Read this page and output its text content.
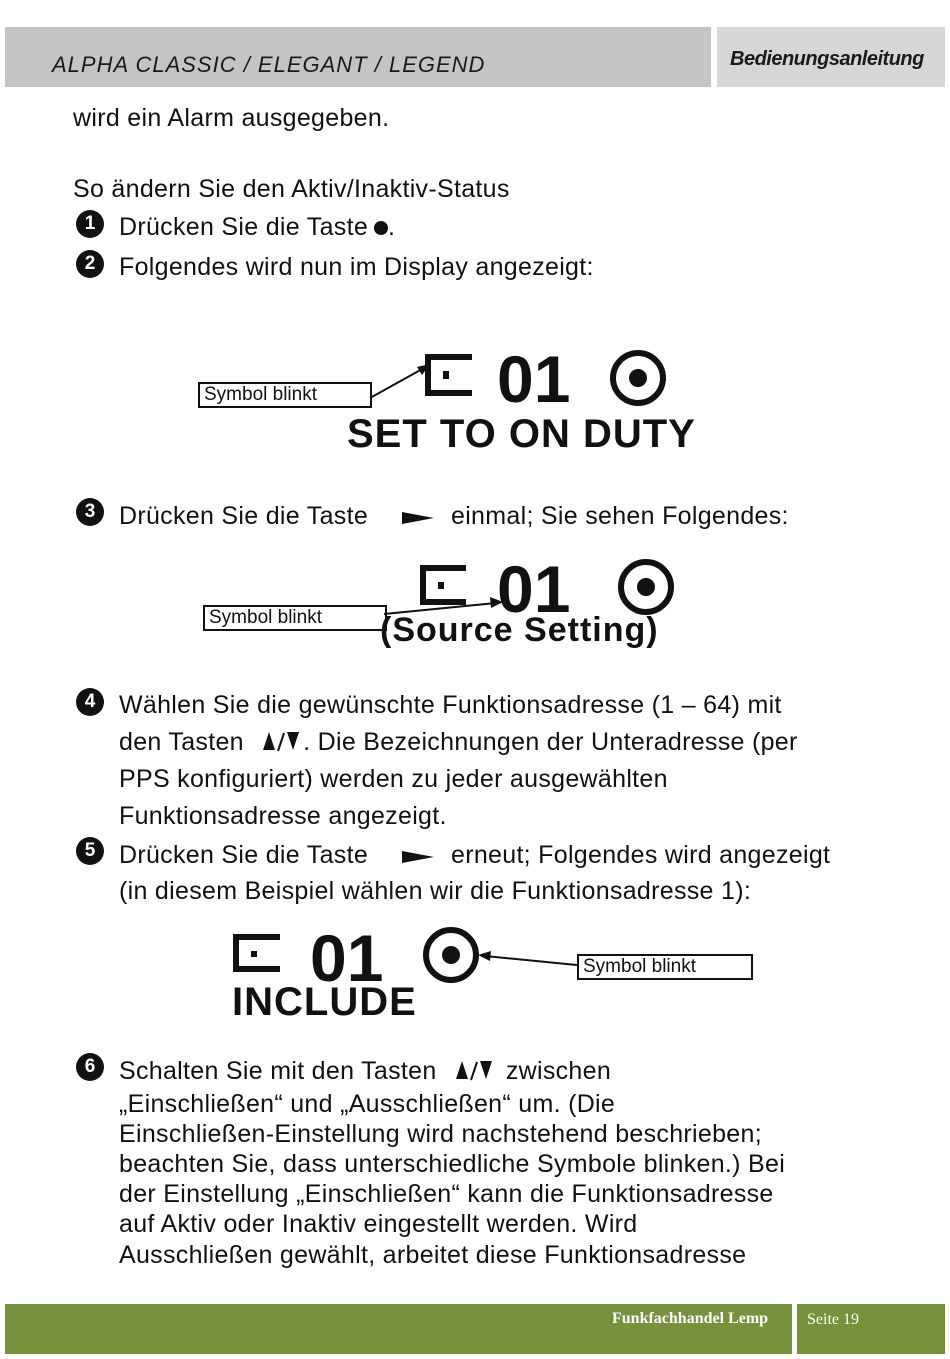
ALPHA CLASSIC / ELEGANT / LEGEND	Bedienungsanleitung
wird ein Alarm ausgegeben.
So ändern Sie den Aktiv/Inaktiv-Status
1 Drücken Sie die Taste .
2 Folgendes wird nun im Display angezeigt:
Symbol blinkt	01
SET TO ON DUTY
3 Drücken Sie die Taste	einmal; Sie sehen Folgendes:
Symbol blinkt	01
(Source Setting)
4 Wählen Sie die gewünschte Funktionsadresse (1 – 64) mit
den Tasten . Die Bezeichnungen der Unteradresse (per
PPS konfiguriert) werden zu jeder ausgewählten
Funktionsadresse angezeigt.
5 Drücken Sie die Taste	erneut; Folgendes wird angezeigt
(in diesem Beispiel wählen wir die Funktionsadresse 1):
01
INCLUDE
Symbol blinkt
6 Schalten Sie mit den Tasten	zwischen
„Einschließen“ und „Ausschließen“ um. (Die
Einschließen-Einstellung wird nachstehend beschrieben;
beachten Sie, dass unterschiedliche Symbole blinken.) Bei
der Einstellung „Einschließen“ kann die Funktionsadresse
auf Aktiv oder Inaktiv eingestellt werden. Wird
Ausschließen gewählt, arbeitet diese Funktionsadresse
Funkfachhandel Lemp Seite 19
